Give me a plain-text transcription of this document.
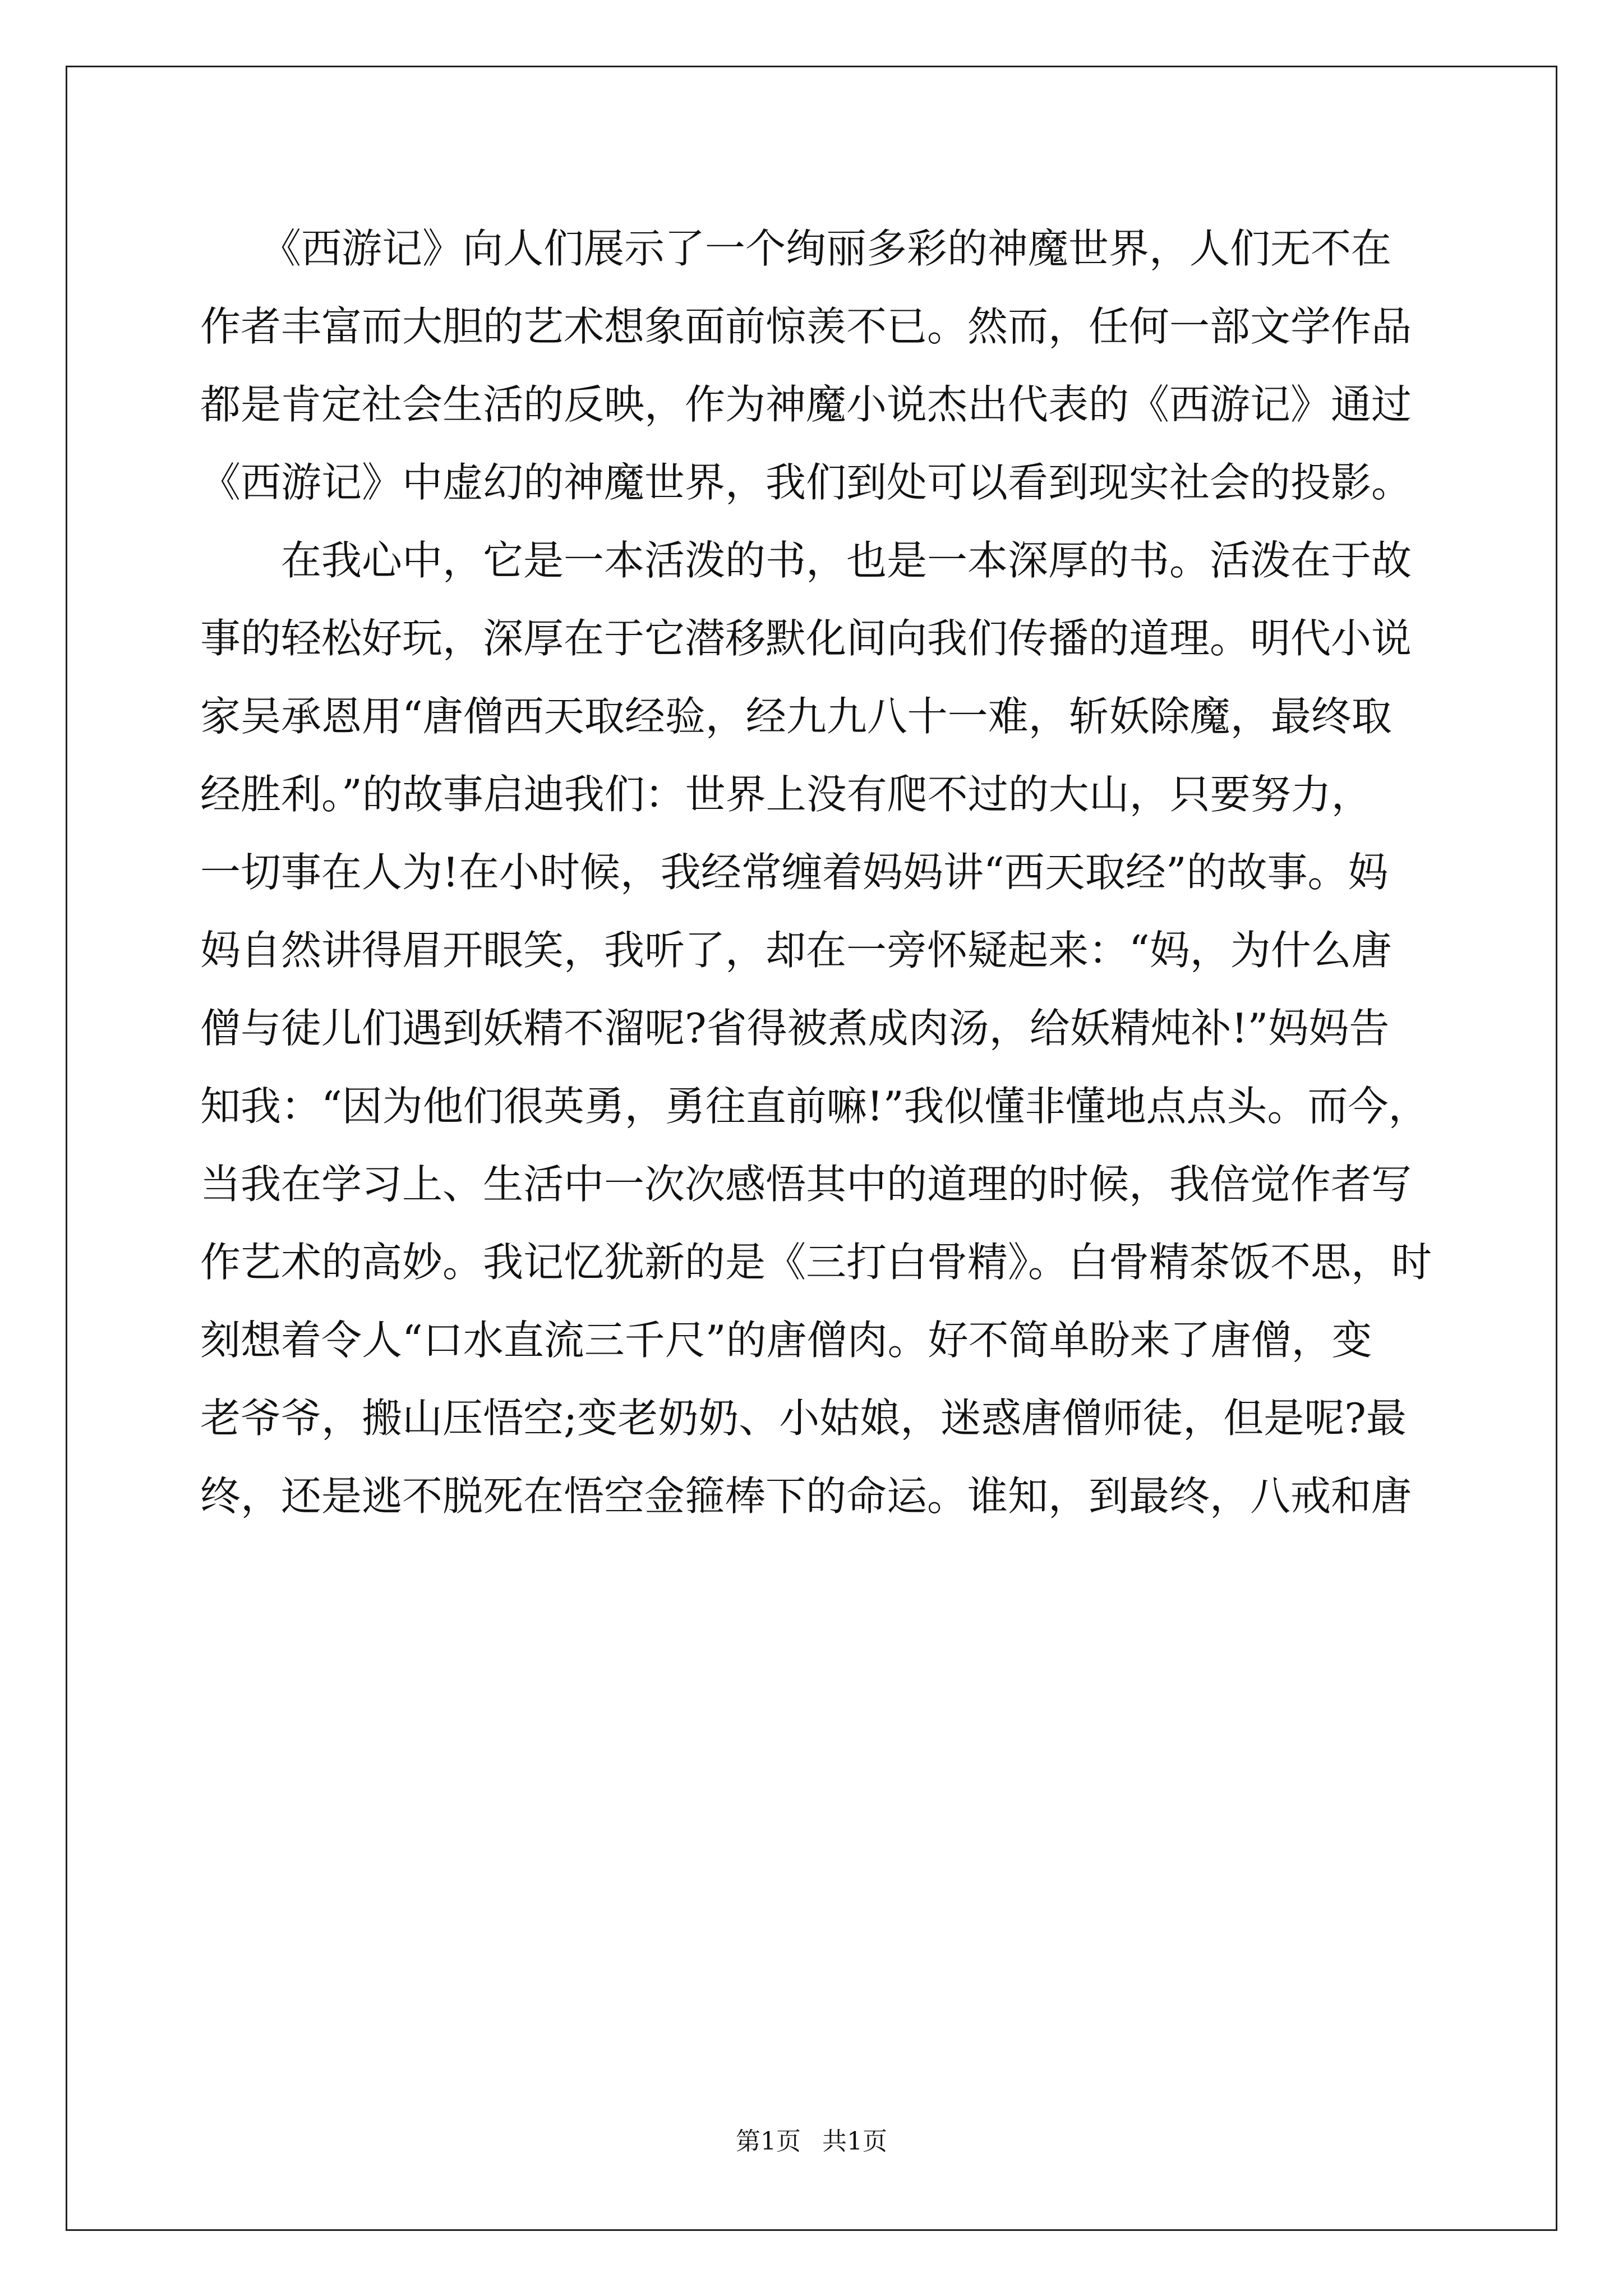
　　《西游记》向人们展示了一个绚丽多彩的神魔世界，人们无不在
作者丰富而大胆的艺术想象面前惊羡不已。然而，任何一部文学作品
都是肯定社会生活的反映，作为神魔小说杰出代表的《西游记》通过
《西游记》中虚幻的神魔世界，我们到处可以看到现实社会的投影。
　　在我心中，它是一本活泼的书，也是一本深厚的书。活泼在于故
事的轻松好玩，深厚在于它潜移默化间向我们传播的道理。明代小说
家吴承恩用“唐僧西天取经验，经九九八十一难，斩妖除魔，最终取
经胜利。”的故事启迪我们：世界上没有爬不过的大山，只要努力，
一切事在人为!在小时候，我经常缠着妈妈讲“西天取经”的故事。妈
妈自然讲得眉开眼笑，我听了，却在一旁怀疑起来：“妈，为什么唐
僧与徒儿们遇到妖精不溜呢?省得被煮成肉汤，给妖精炖补!”妈妈告
知我：“因为他们很英勇，勇往直前嘛!”我似懂非懂地点点头。而今，
当我在学习上、生活中一次次感悟其中的道理的时候，我倍觉作者写
作艺术的高妙。我记忆犹新的是《三打白骨精》。白骨精茶饭不思，时
刻想着令人“口水直流三千尺”的唐僧肉。好不简单盼来了唐僧，变
老爷爷，搬山压悟空;变老奶奶、小姑娘，迷惑唐僧师徒，但是呢?最
终，还是逃不脱死在悟空金箍棒下的命运。谁知，到最终，八戒和唐
第1页 共1页
